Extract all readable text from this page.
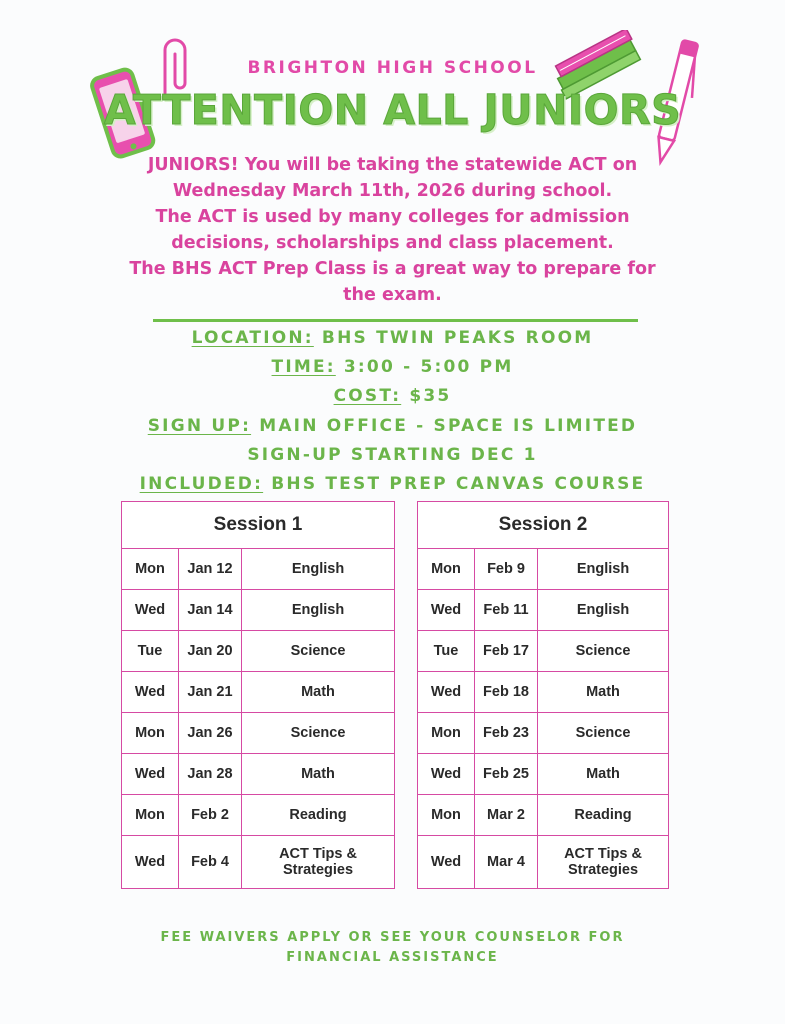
BRIGHTON HIGH SCHOOL
ATTENTION ALL JUNIORS

JUNIORS! You will be taking the statewide ACT on

Wednesday March 11th, 2026 during school.

The ACT is used by many colleges for admission

decisions, scholarships and class placement.

The BHS ACT Prep Class is a great way to prepare for

the exam.

LOCATION: BHS TWIN PEAKS ROOM
TIME: 3:00 - 5:00 PM
COST: $35
SIGN UP: MAIN OFFICE - SPACE IS LIMITED
SIGN-UP STARTING DEC 1
INCLUDED: BHS TEST PREP CANVAS COURSE
Session 1		
Mon	Jan 12	English
Wed	Jan 14	English
Tue	Jan 20	Science
Wed	Jan 21	Math
Mon	Jan 26	Science
Wed	Jan 28	Math
Mon	Feb 2	Reading
Wed	Feb 4	ACT Tips & Strategies
Session 2		
Mon	Feb 9	English
Wed	Feb 11	English
Tue	Feb 17	Science
Wed	Feb 18	Math
Mon	Feb 23	Science
Wed	Feb 25	Math
Mon	Mar 2	Reading
Wed	Mar 4	ACT Tips & Strategies
FEE WAIVERS APPLY OR SEE YOUR COUNSELOR FOR
FINANCIAL ASSISTANCE
